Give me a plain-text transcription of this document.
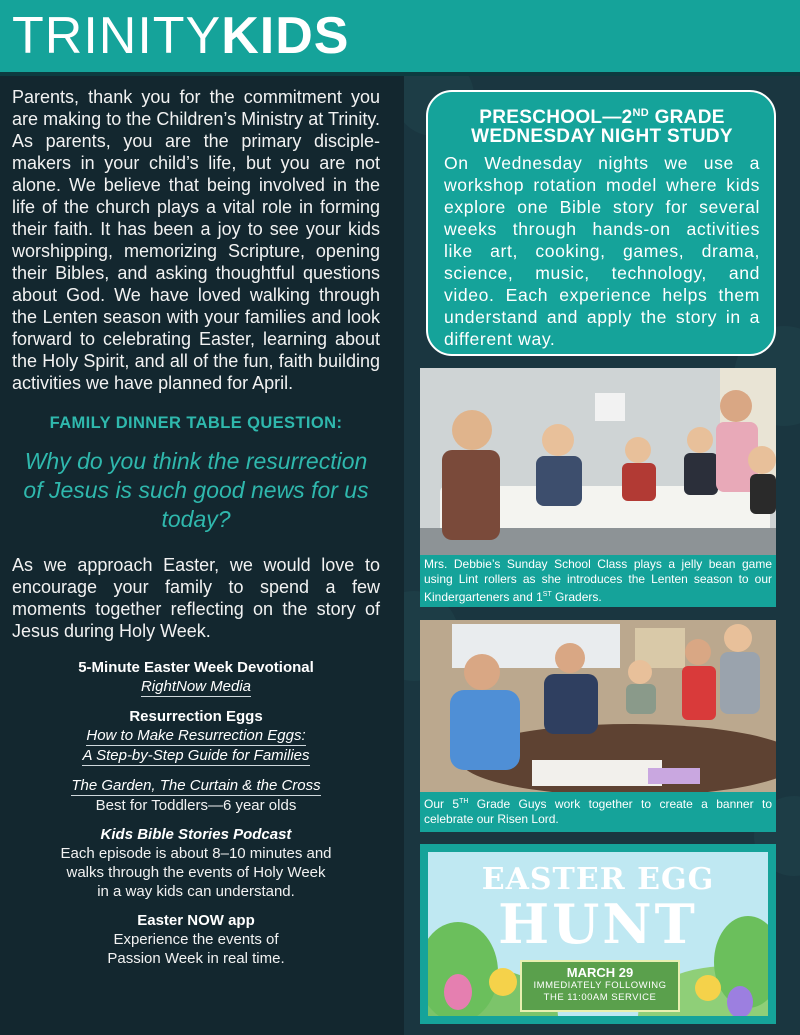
TRINITYKIDS

Parents, thank you for the commitment you are making to the Children’s Ministry at Trinity. As parents, you are the primary disciple-makers in your child’s life, but you are not alone. We believe that being involved in the life of the church plays a vital role in forming their faith. It has been a joy to see your kids worshipping, memorizing Scripture, opening their Bibles, and asking thoughtful questions about God. We have loved walking through the Lenten season with your families and look forward to celebrating Easter, learning about the Holy Spirit, and all of the fun, faith building activities we have planned for April.

FAMILY DINNER TABLE QUESTION:
Why do you think the resurrection of Jesus is such good news for us today?

As we approach Easter, we would love to encourage your family to spend a few moments together reflecting on the story of Jesus during Holy Week.

5-Minute Easter Week Devotional
RightNow Media
Resurrection Eggs
How to Make Resurrection Eggs:
A Step-by-Step Guide for Families
The Garden, The Curtain & the Cross
Best for Toddlers—6 year olds
Kids Bible Stories Podcast
Each episode is about 8–10 minutes and
walks through the events of Holy Week
in a way kids can understand.
Easter NOW app
Experience the events of
Passion Week in real time.
PRESCHOOL—2ND GRADE
WEDNESDAY NIGHT STUDY

On Wednesday nights we use a workshop rotation model where kids explore one Bible story for several weeks through hands-on activities like art, cooking, games, drama, science, music, technology, and video. Each experience helps them understand and apply the story in a different way.

Mrs. Debbie’s Sunday School Class plays a jelly bean game using Lint rollers as she introduces the Lenten season to our Kindergarteners and 1ST Graders.
Our 5TH Grade Guys work together to create a banner to celebrate our Risen Lord.
EASTER EGG
HUNT
MARCH 29
IMMEDIATELY FOLLOWING
THE 11:00AM SERVICE
